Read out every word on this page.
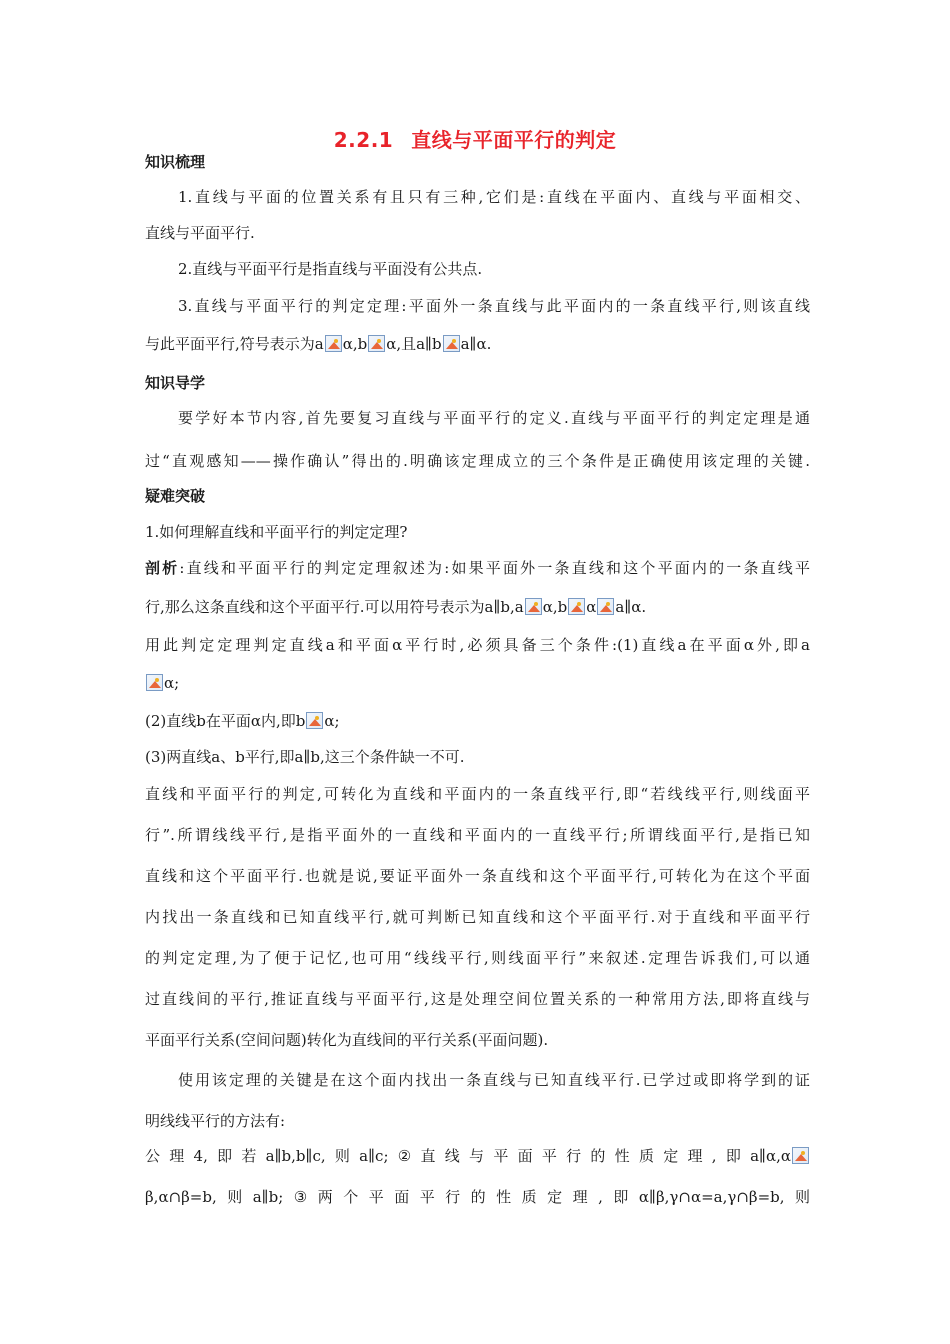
2.2.1 直线与平面平行的判定
知识梳理
1.直线与平面的位置关系有且只有三种,它们是:直线在平面内、直线与平面相交、
直线与平面平行.
2.直线与平面平行是指直线与平面没有公共点.
3.直线与平面平行的判定定理:平面外一条直线与此平面内的一条直线平行,则该直线
与此平面平行,符号表示为a α,b α,且a∥b a∥α.
知识导学
要学好本节内容,首先要复习直线与平面平行的定义.直线与平面平行的判定定理是通
过“直观感知——操作确认”得出的.明确该定理成立的三个条件是正确使用该定理的关键.
疑难突破
1.如何理解直线和平面平行的判定定理?
剖析:直线和平面平行的判定定理叙述为:如果平面外一条直线和这个平面内的一条直线平
行,那么这条直线和这个平面平行.可以用符号表示为a∥b,a α,b α a∥α.
用此判定定理判定直线a和平面α平行时,必须具备三个条件:(1)直线a在平面α外,即a
α;
(2)直线b在平面α内,即b α;
(3)两直线a、b平行,即a∥b,这三个条件缺一不可.
直线和平面平行的判定,可转化为直线和平面内的一条直线平行,即“若线线平行,则线面平
行”.所谓线线平行,是指平面外的一直线和平面内的一直线平行;所谓线面平行,是指已知
直线和这个平面平行.也就是说,要证平面外一条直线和这个平面平行,可转化为在这个平面
内找出一条直线和已知直线平行,就可判断已知直线和这个平面平行.对于直线和平面平行
的判定定理,为了便于记忆,也可用“线线平行,则线面平行”来叙述.定理告诉我们,可以通
过直线间的平行,推证直线与平面平行,这是处理空间位置关系的一种常用方法,即将直线与
平面平行关系(空间问题)转化为直线间的平行关系(平面问题).
使用该定理的关键是在这个面内找出一条直线与已知直线平行.已学过或即将学到的证
明线线平行的方法有:
公理4,即若a∥b,b∥c,则a∥c;②直线与平面平行的性质定理,即a∥α,α
β,α∩β=b,则a∥b;③两个平面平行的性质定理,即α∥β,γ∩α=a,γ∩β=b,则
